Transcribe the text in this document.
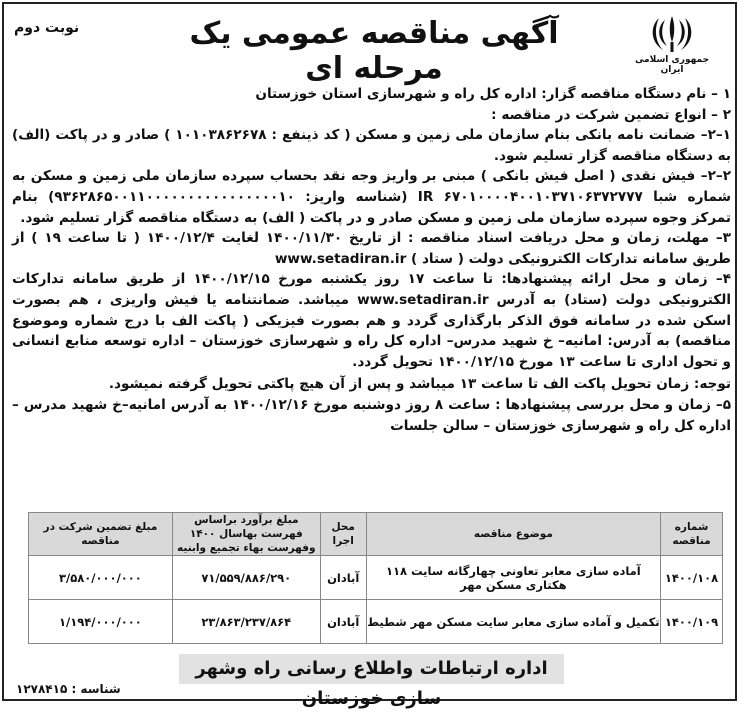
جمهوری اسلامی ایران
آگهی مناقصه عمومی یک مرحله ای
نوبت دوم

۱ – نام دستگاه مناقصه گزار: اداره کل راه و شهرسازی استان خوزستان

۲ – انواع تضمین شرکت در مناقصه :

۱–۲– ضمانت نامه بانکی بنام سازمان ملی زمین و مسکن ( کد ذینفع : ۱۰۱۰۳۸۶۲۶۷۸ ) صادر و در پاکت (الف) به دستگاه مناقصه گزار تسلیم شود.

۲–۲– فیش نقدی ( اصل فیش بانکی ) مبنی بر واریز وجه نقد بحساب سپرده سازمان ملی زمین و مسکن به شماره شبا IR ۶۷۰۱۰۰۰۰۴۰۰۱۰۳۷۱۰۶۳۷۲۷۷۷ (شناسه واریز: ۹۳۶۲۸۶۵۰۰۱۱۰۰۰۰۰۰۰۰۰۰۰۰۰۰۰۰۱۰) بنام تمرکز وجوه سپرده سازمان ملی زمین و مسکن صادر و در پاکت ( الف) به دستگاه مناقصه گزار تسلیم شود.

۳– مهلت، زمان و محل دریافت اسناد مناقصه : از تاریخ ۱۴۰۰/۱۱/۳۰ لغایت ۱۴۰۰/۱۲/۴ ( تا ساعت ۱۹ ) از طریق سامانه تدارکات الکترونیکی دولت ( ستاد ) www.setadiran.ir

۴– زمان و محل ارائه پیشنهادها: تا ساعت ۱۷ روز یکشنبه مورخ ۱۴۰۰/۱۲/۱۵ از طریق سامانه تدارکات الکترونیکی دولت (ستاد) به آدرس www.setadiran.ir میباشد. ضمانتنامه یا فیش واریزی ، هم بصورت اسکن شده در سامانه فوق الذکر بارگذاری گردد و هم بصورت فیزیکی ( پاکت الف با درج شماره وموضوع مناقصه) به آدرس: امانیه– خ شهید مدرس– اداره کل راه و شهرسازی خوزستان – اداره توسعه منابع انسانی و تحول اداری تا ساعت ۱۳ مورخ ۱۴۰۰/۱۲/۱۵ تحویل گردد.

توجه: زمان تحویل پاکت الف تا ساعت ۱۳ میباشد و پس از آن هیچ پاکتی تحویل گرفته نمیشود.

۵– زمان و محل بررسی پیشنهادها : ساعت ۸ روز دوشنبه مورخ ۱۴۰۰/۱۲/۱۶ به آدرس امانیه–خ شهید مدرس – اداره کل راه و شهرسازی خوزستان – سالن جلسات

شماره مناقصه	موضوع مناقصه	محل اجرا	مبلغ برآورد براساس فهرست بهاسال ۱۴۰۰ وفهرست بهاء تجمیع وابنیه	مبلغ تضمین شرکت در مناقصه
۱۴۰۰/۱۰۸	آماده سازی معابر تعاونی چهارگانه سایت ۱۱۸ هکتاری مسکن مهر	آبادان	۷۱/۵۵۹/۸۸۶/۲۹۰	۳/۵۸۰/۰۰۰/۰۰۰
۱۴۰۰/۱۰۹	تکمیل و آماده سازی معابر سایت مسکن مهر شطیط	آبادان	۲۳/۸۶۳/۲۳۷/۸۶۴	۱/۱۹۴/۰۰۰/۰۰۰
اداره ارتباطات واطلاع رسانی راه وشهر سازی خوزستان
شناسه : ۱۲۷۸۴۱۵
